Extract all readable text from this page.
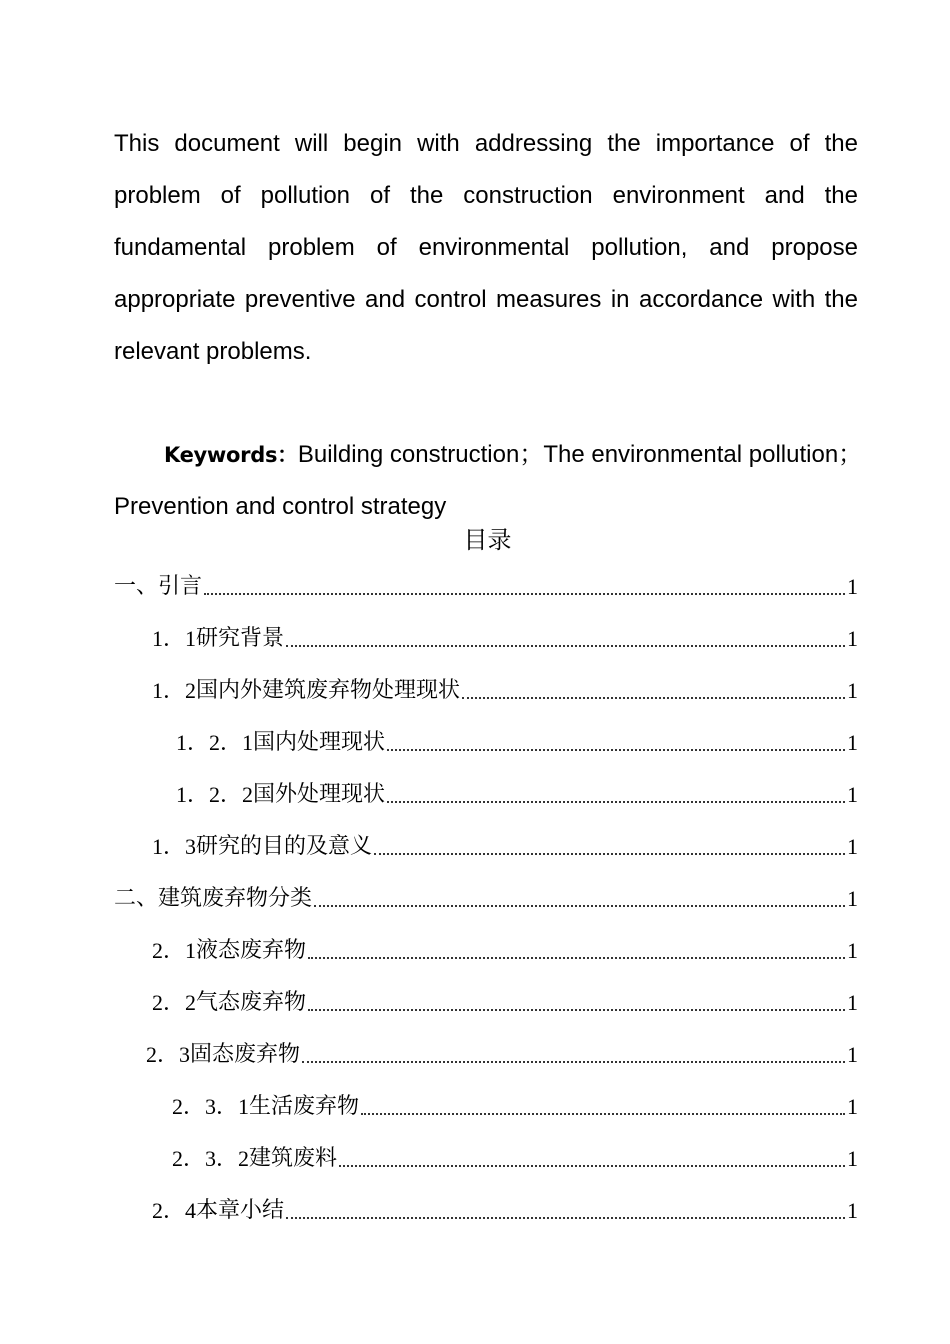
This document will begin with addressing the importance of the problem of pollution of the construction environment and the fundamental problem of environmental pollution, and propose appropriate preventive and control measures in accordance with the relevant problems.

Keywords：Building construction；The environmental pollution；
Prevention and control strategy
目录
一、引言	1
1．1 研究背景	1
1．2 国内外建筑废弃物处理现状	1
1．2．1 国内处理现状	1
1．2．2 国外处理现状	1
1．3 研究的目的及意义	1
二、建筑废弃物分类	1
2．1 液态废弃物	1
2．2 气态废弃物	1
2．3 固态废弃物	1
2．3．1 生活废弃物	1
2．3．2 建筑废料	1
2．4 本章小结	1
